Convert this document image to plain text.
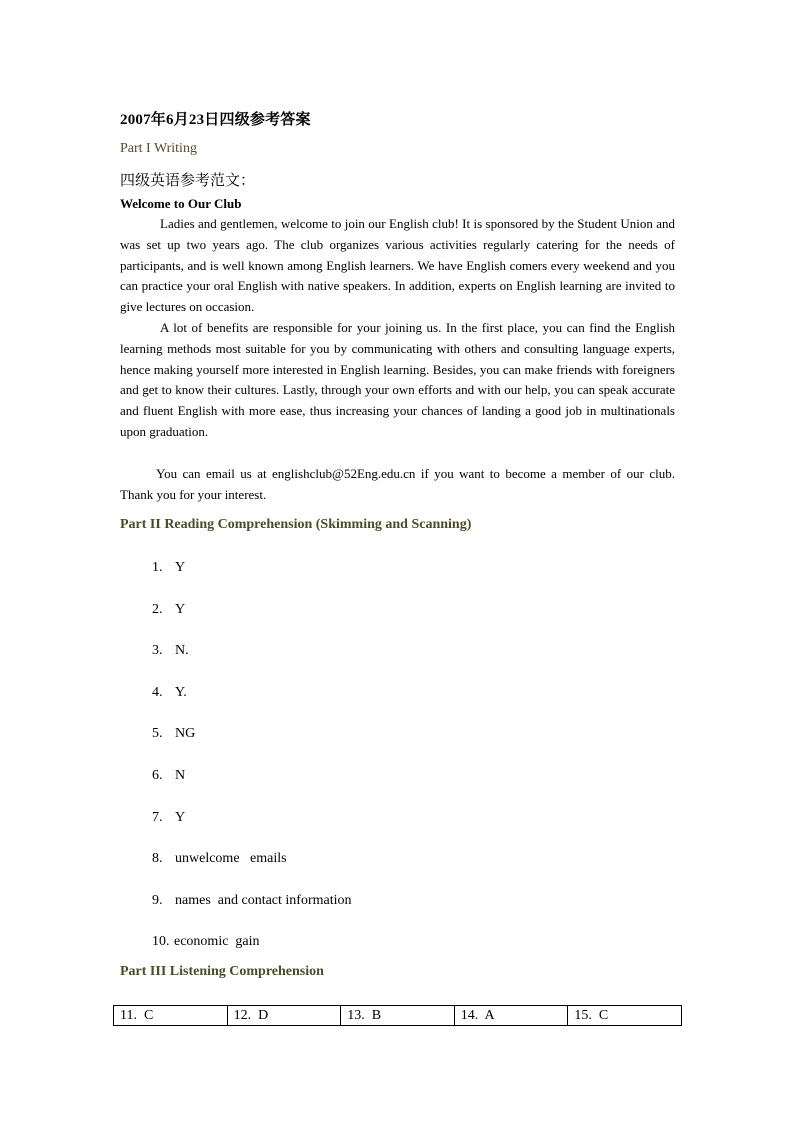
2007年6月23日四级参考答案
Part I Writing
四级英语参考范文：
Welcome to Our Club
Ladies and gentlemen, welcome to join our English club! It is sponsored by the Student Union and was set up two years ago. The club organizes various activities regularly catering for the needs of participants, and is well known among English learners. We have English comers every weekend and you can practice your oral English with native speakers. In addition, experts on English learning are invited to give lectures on occasion.
A lot of benefits are responsible for your joining us. In the first place, you can find the English learning methods most suitable for you by communicating with others and consulting language experts, hence making yourself more interested in English learning. Besides, you can make friends with foreigners and get to know their cultures. Lastly, through your own efforts and with our help, you can speak accurate and fluent English with more ease, thus increasing your chances of landing a good job in multinationals upon graduation.
You can email us at englishclub@52Eng.edu.cn if you want to become a member of our club. Thank you for your interest.
Part II Reading Comprehension (Skimming and Scanning)
1. Y
2. Y
3. N.
4. Y.
5. NG
6. N
7. Y
8. unwelcome   emails
9. names  and contact information
10. economic  gain
Part III Listening Comprehension
11.  C	12.  D	13.  B	14.  A	15.  C
